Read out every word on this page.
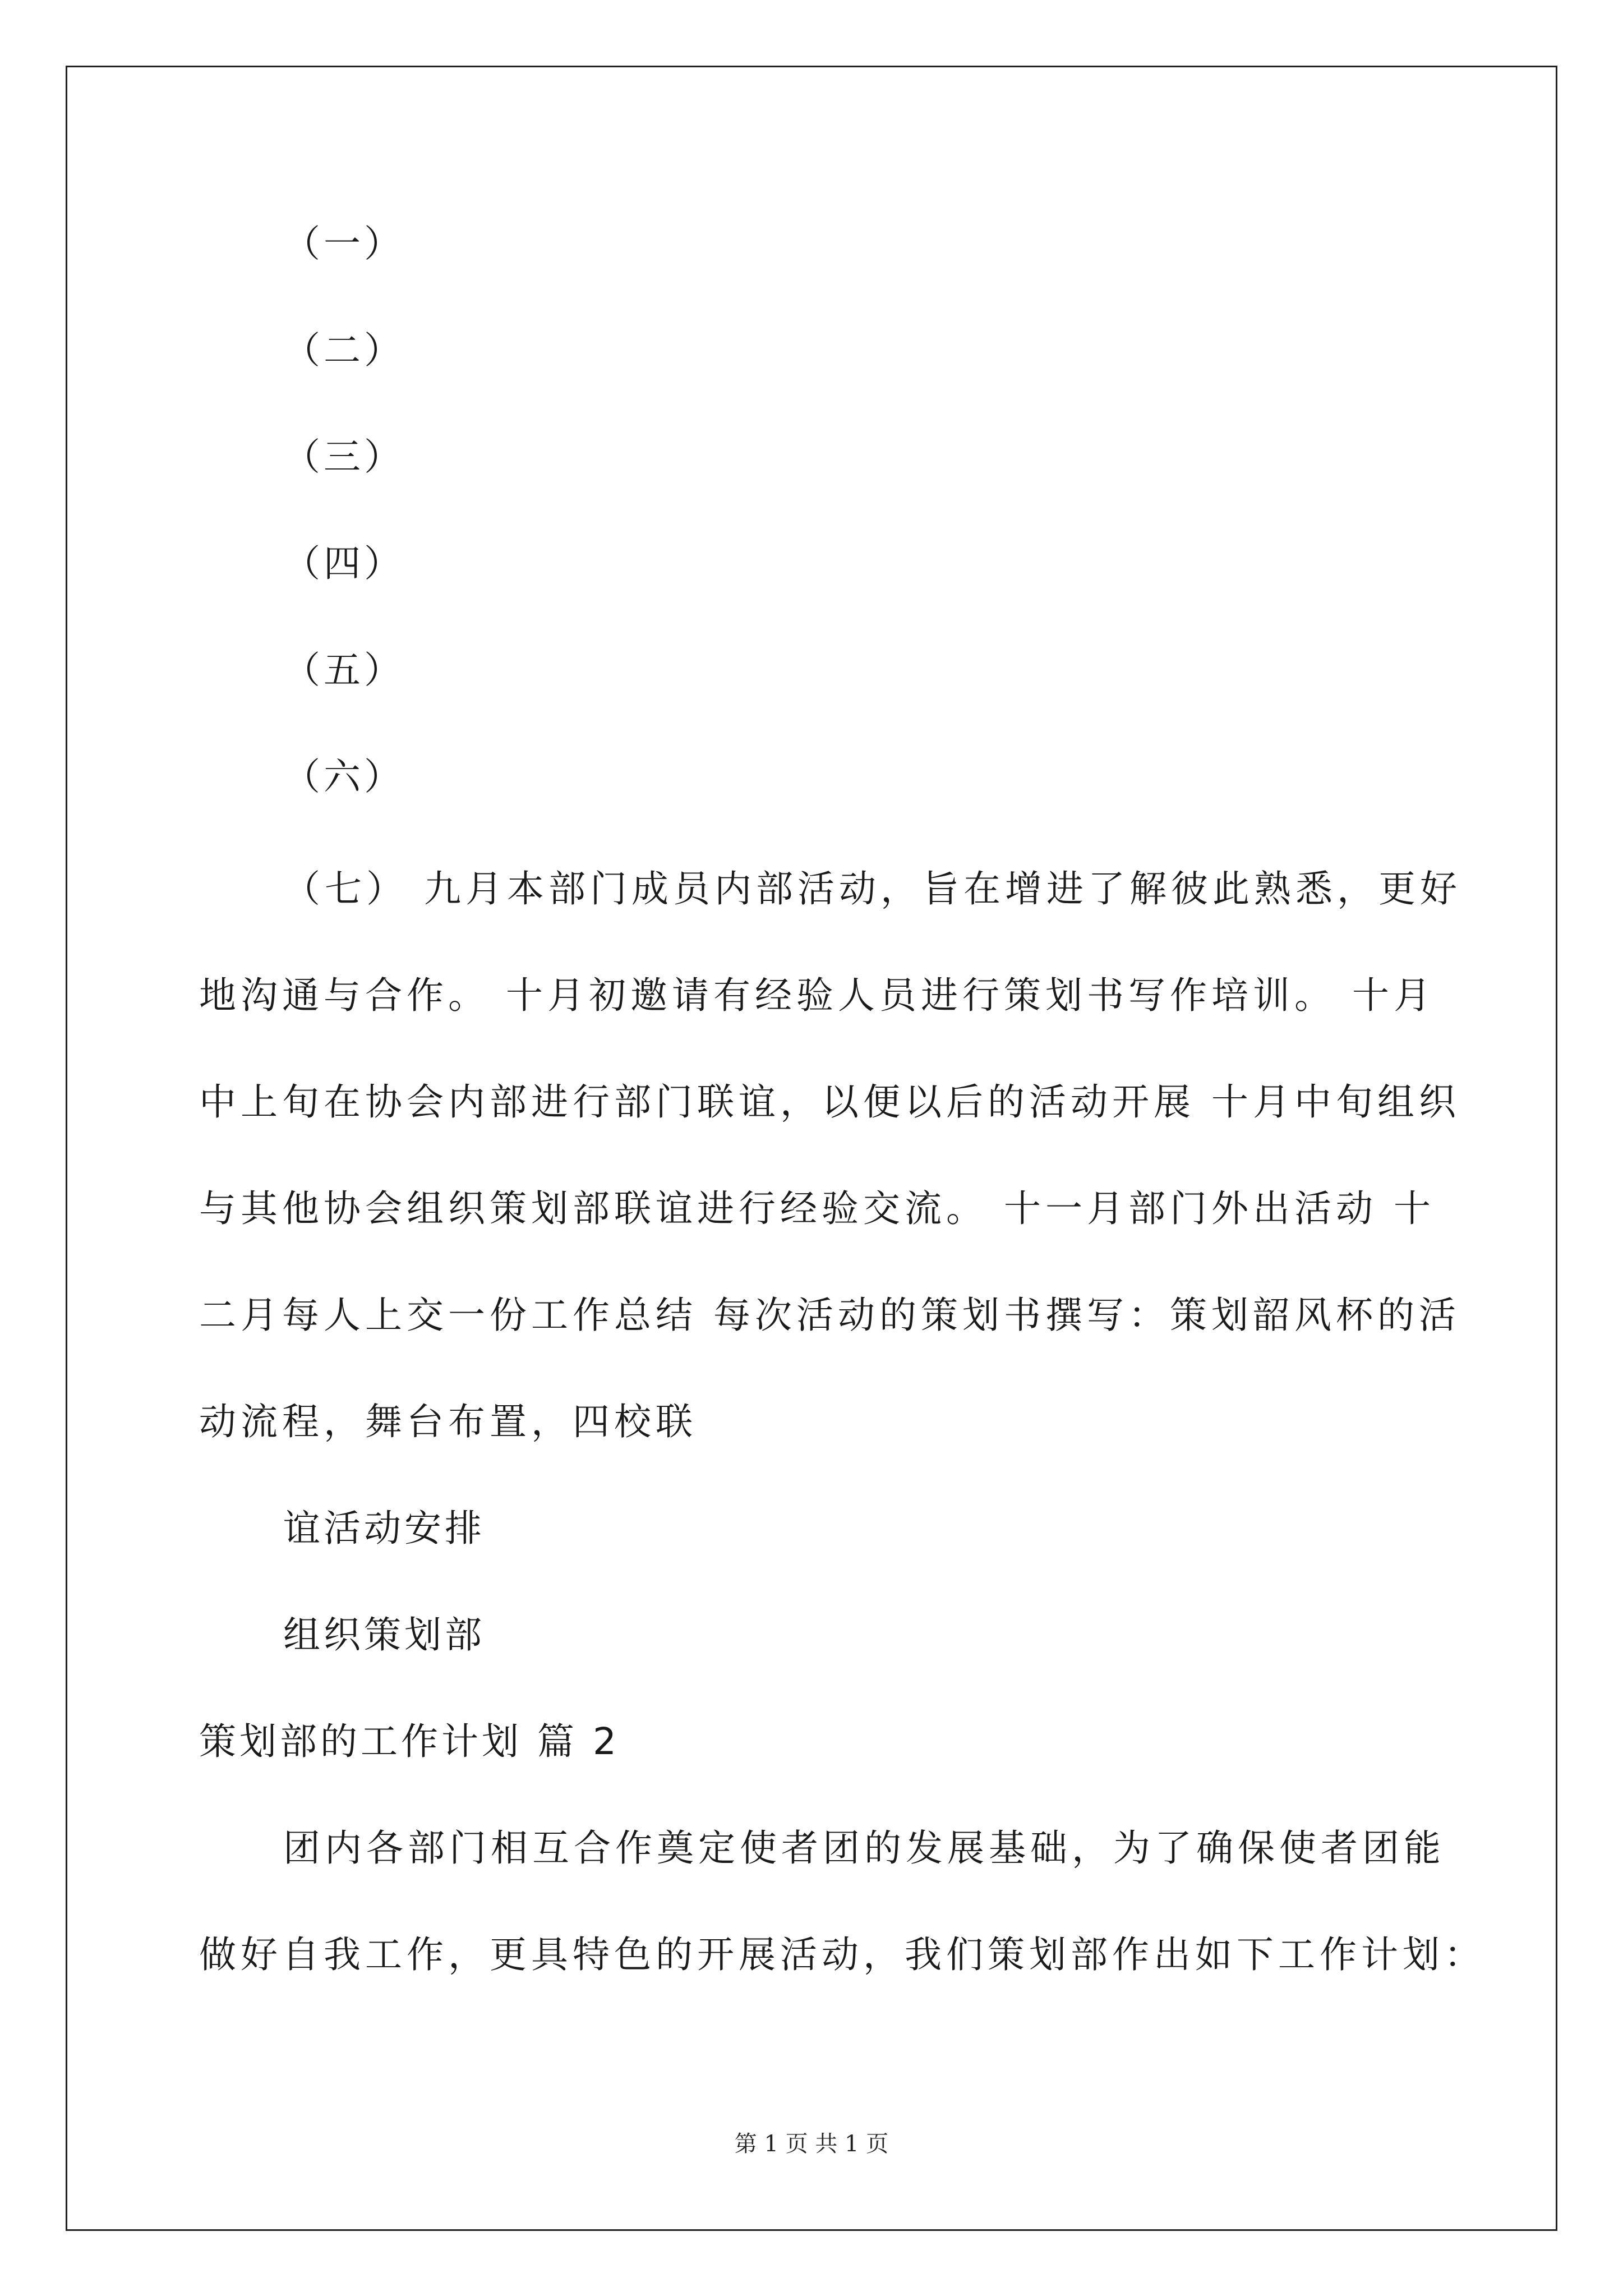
（一）
（二）
（三）
（四）
（五）
（六）
（七） 九月本部门成员内部活动，旨在增进了解彼此熟悉，更好
地沟通与合作。 十月初邀请有经验人员进行策划书写作培训。 十月
中上旬在协会内部进行部门联谊，以便以后的活动开展 十月中旬组织
与其他协会组织策划部联谊进行经验交流。 十一月部门外出活动 十
二月每人上交一份工作总结 每次活动的策划书撰写：策划韶风杯的活
动流程，舞台布置，四校联
谊活动安排
组织策划部
策划部的工作计划 篇 2
团内各部门相互合作奠定使者团的发展基础，为了确保使者团能
做好自我工作，更具特色的开展活动，我们策划部作出如下工作计划：
第 1 页 共 1 页
